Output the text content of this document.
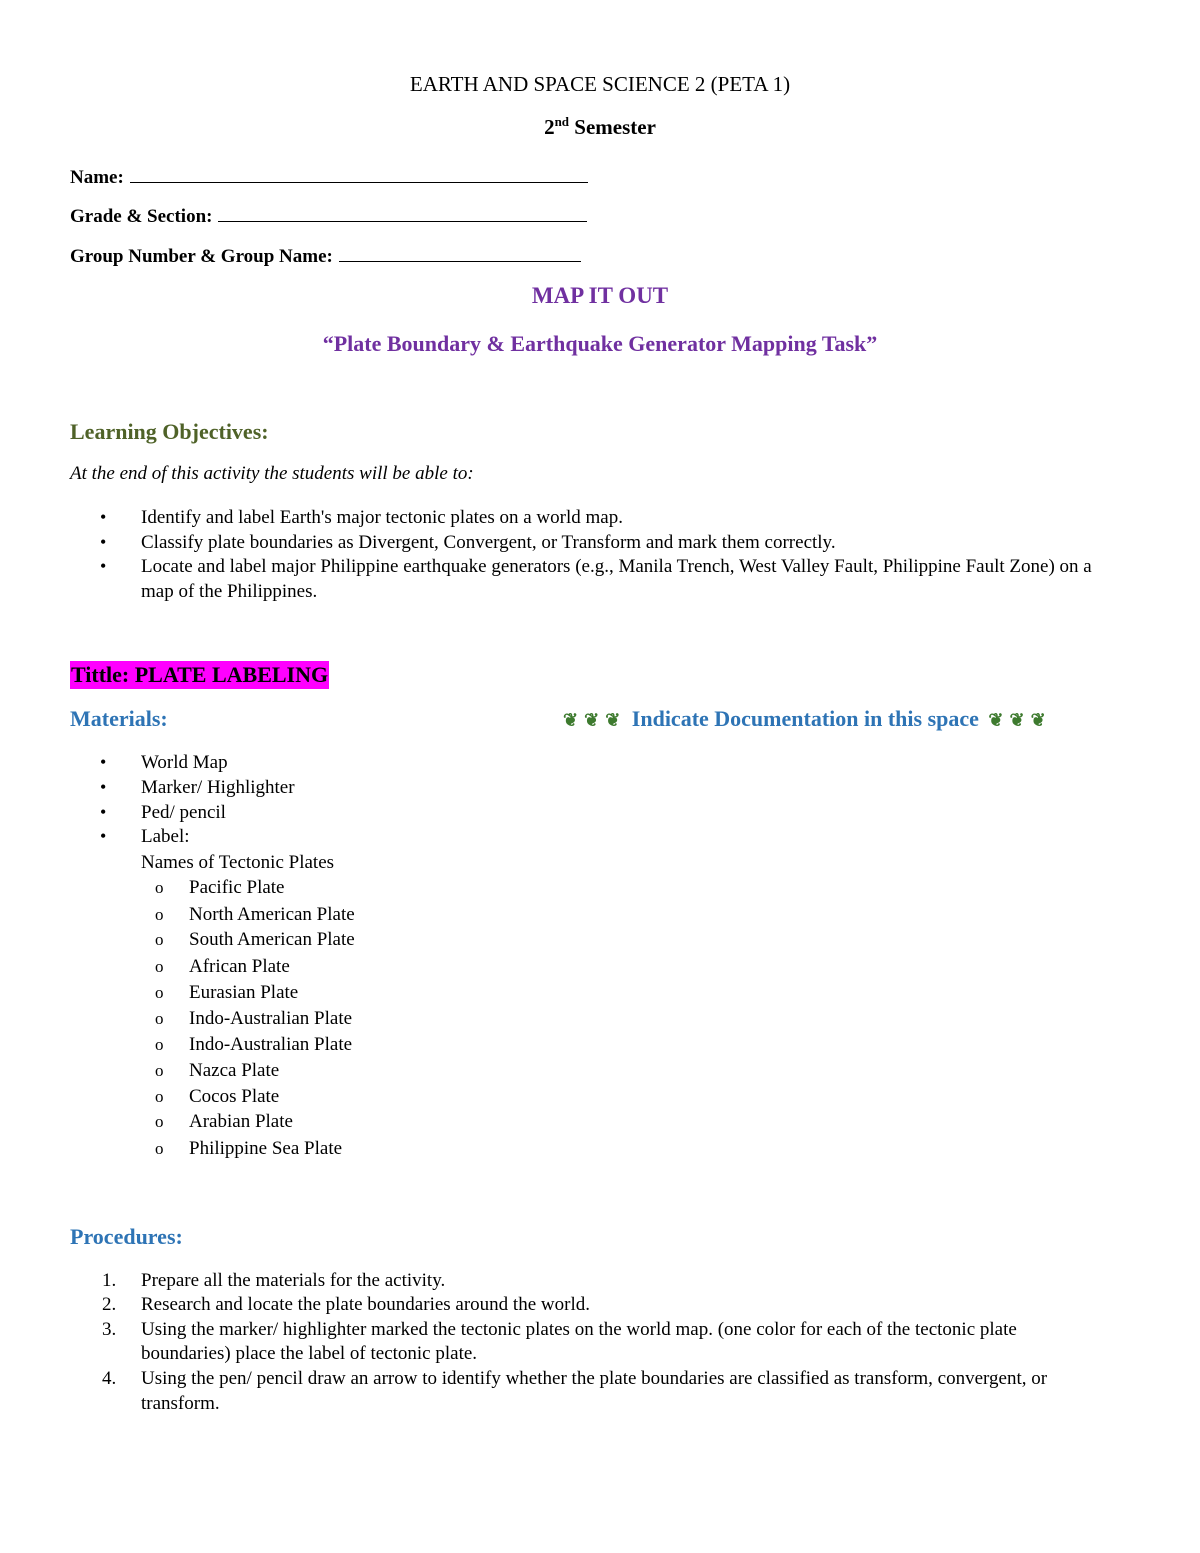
EARTH AND SPACE SCIENCE 2 (PETA 1)
2nd Semester
Name:
Grade & Section:
Group Number & Group Name:
MAP IT OUT
“Plate Boundary & Earthquake Generator Mapping Task”
Learning Objectives:
At the end of this activity the students will be able to:
• Identify and label Earth's major tectonic plates on a world map.
• Classify plate boundaries as Divergent, Convergent, or Transform and mark them correctly.
• Locate and label major Philippine earthquake generators (e.g., Manila Trench, West Valley Fault, Philippine Fault Zone) on a
map of the Philippines.
Tittle: PLATE LABELING
Materials:	❦ ❦ ❦ Indicate Documentation in this space ❦ ❦ ❦
• World Map
• Marker/ Highlighter
• Ped/ pencil
• Label:
Names of Tectonic Plates
o Pacific Plate
o North American Plate
o South American Plate
o African Plate
o Eurasian Plate
o Indo-Australian Plate
o Indo-Australian Plate
o Nazca Plate
o Cocos Plate
o Arabian Plate
o Philippine Sea Plate
Procedures:
1. Prepare all the materials for the activity.
2. Research and locate the plate boundaries around the world.
3. Using the marker/ highlighter marked the tectonic plates on the world map. (one color for each of the tectonic plate
boundaries) place the label of tectonic plate.
4. Using the pen/ pencil draw an arrow to identify whether the plate boundaries are classified as transform, convergent, or
transform.
